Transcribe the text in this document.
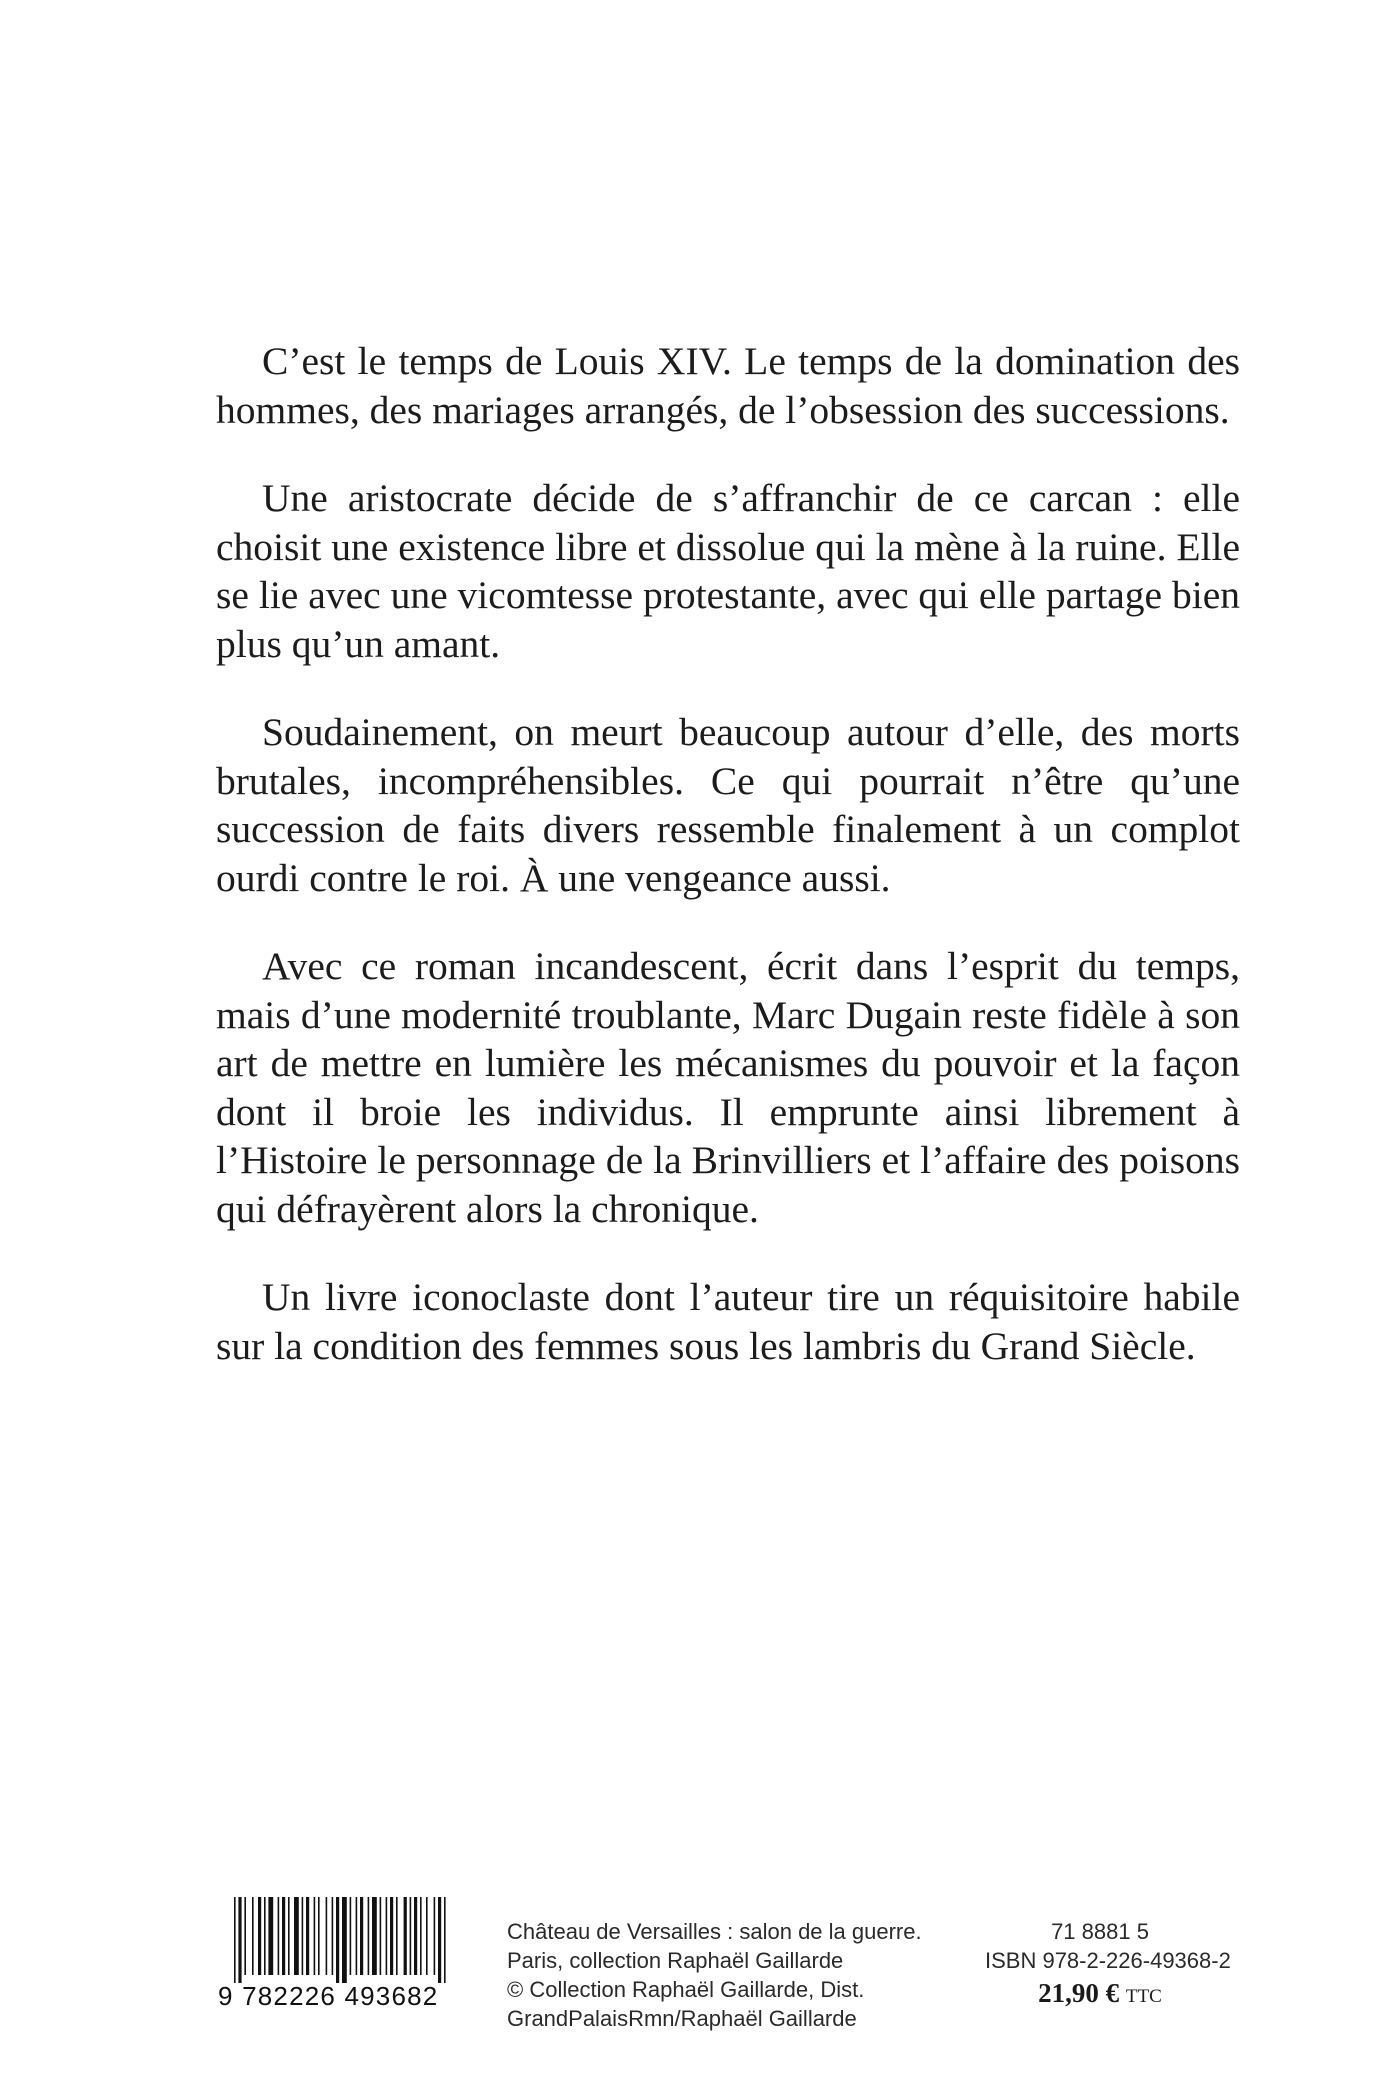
C’est le temps de Louis XIV. Le temps de la domination des hommes, des mariages arrangés, de l’obsession des successions.

Une aristocrate décide de s’affranchir de ce carcan : elle choisit une existence libre et dissolue qui la mène à la ruine. Elle se lie avec une vicomtesse protestante, avec qui elle partage bien plus qu’un amant.

Soudainement, on meurt beaucoup autour d’elle, des morts brutales, incompréhensibles. Ce qui pourrait n’être qu’une succession de faits divers ressemble finalement à un complot ourdi contre le roi. À une vengeance aussi.

Avec ce roman incandescent, écrit dans l’esprit du temps, mais d’une modernité troublante, Marc Dugain reste fidèle à son art de mettre en lumière les mécanismes du pouvoir et la façon dont il broie les individus. Il emprunte ainsi librement à l’Histoire le personnage de la Brinvilliers et l’affaire des poisons qui défrayèrent alors la chronique.

Un livre iconoclaste dont l’auteur tire un réquisitoire habile sur la condition des femmes sous les lambris du Grand Siècle.

9 782226 493682
Château de Versailles : salon de la guerre.
Paris, collection Raphaël Gaillarde
© Collection Raphaël Gaillarde, Dist.
GrandPalaisRmn/Raphaël Gaillarde
71 8881 5
ISBN 978-2-226-49368-2
21,90 € TTC
